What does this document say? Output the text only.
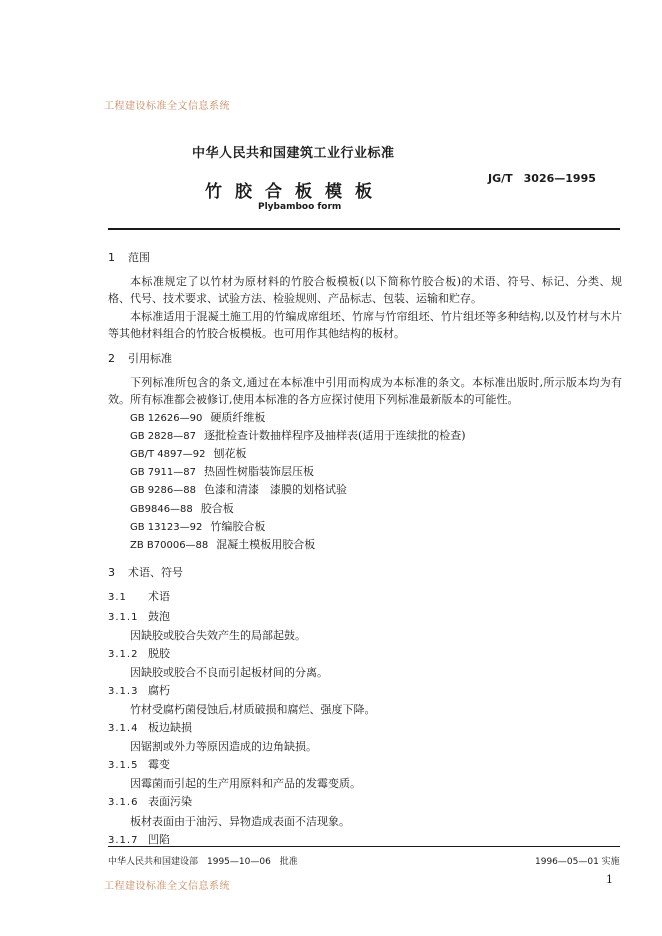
工程建设标准全文信息系统
中华人民共和国建筑工业行业标准
JG/T　3026—1995
竹胶合板模板
Plybamboo form
1 范围

本标准规定了以竹材为原材料的竹胶合板模板(以下简称竹胶合板)的术语、符号、标记、分类、规格、代号、技术要求、试验方法、检验规则、产品标志、包装、运输和贮存。

本标准适用于混凝土施工用的竹编成席组坯、竹席与竹帘组坯、竹片组坯等多种结构,以及竹材与木片等其他材料组合的竹胶合板模板。也可用作其他结构的板材。

2 引用标准

下列标准所包含的条文,通过在本标准中引用而构成为本标准的条文。本标准出版时,所示版本均为有效。所有标准都会被修订,使用本标准的各方应探讨使用下列标准最新版本的可能性。

GB 12626—90 硬质纤维板
GB 2828—87 逐批检查计数抽样程序及抽样表(适用于连续批的检查)
GB/T 4897—92 刨花板
GB 7911—87 热固性树脂装饰层压板
GB 9286—88 色漆和清漆　漆膜的划格试验
GB9846—88 胶合板
GB 13123—92 竹编胶合板
ZB B70006—88 混凝土模板用胶合板
3 术语、符号

3.1 术语

3.1.1 鼓泡

因缺胶或胶合失效产生的局部起鼓。

3.1.2 脱胶

因缺胶或胶合不良而引起板材间的分离。

3.1.3 腐朽

竹材受腐朽菌侵蚀后,材质破损和腐烂、强度下降。

3.1.4 板边缺损

因锯割或外力等原因造成的边角缺损。

3.1.5 霉变

因霉菌而引起的生产用原料和产品的发霉变质。

3.1.6 表面污染

板材表面由于油污、异物造成表面不洁现象。

3.1.7 凹陷

中华人民共和国建设部　1995—10—06　批准	1996—05—01 实施
1
工程建设标准全文信息系统
